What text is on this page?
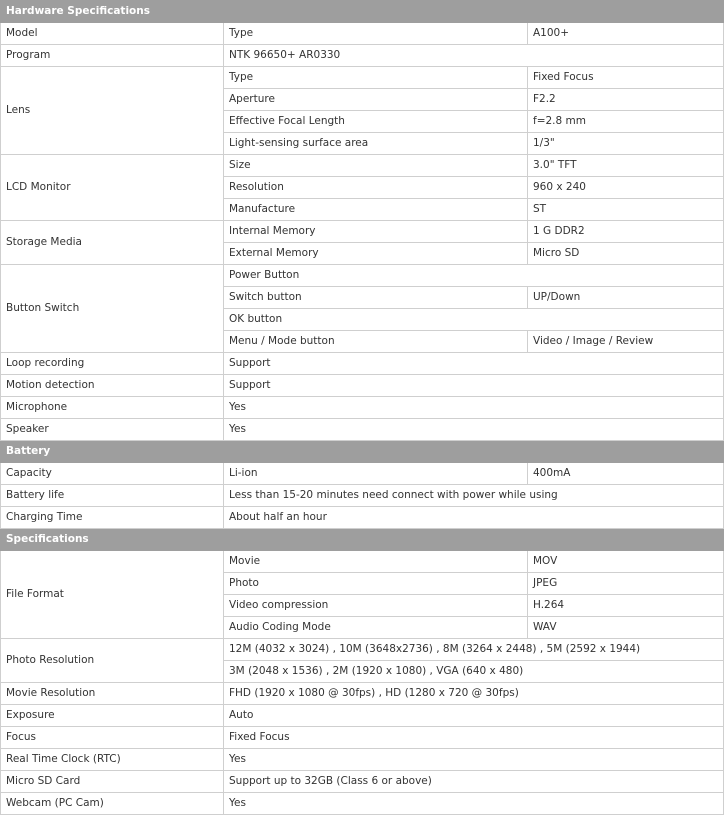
Hardware Specifications		
Model	Type	A100+
Program	NTK 96650+ AR0330	
Lens	Type	Fixed Focus
	Aperture	F2.2
	Effective Focal Length	f=2.8 mm
	Light-sensing surface area	1/3"
LCD Monitor	Size	3.0" TFT
	Resolution	960 x 240
	Manufacture	ST
Storage Media	Internal Memory	1 G DDR2
	External Memory	Micro SD
Button Switch	Power Button	
	Switch button	UP/Down
	OK button	
	Menu / Mode button	Video / Image / Review
Loop recording	Support	
Motion detection	Support	
Microphone	Yes	
Speaker	Yes	
Battery		
Capacity	Li-ion	400mA
Battery life	Less than 15-20 minutes need connect with power while using	
Charging Time	About half an hour	
Specifications		
File Format	Movie	MOV
	Photo	JPEG
	Video compression	H.264
	Audio Coding Mode	WAV
Photo Resolution	12M (4032 x 3024) , 10M (3648x2736) , 8M (3264 x 2448) , 5M (2592 x 1944)	
	3M (2048 x 1536) , 2M (1920 x 1080) , VGA (640 x 480)	
Movie Resolution	FHD (1920 x 1080 @ 30fps) , HD (1280 x 720 @ 30fps)	
Exposure	Auto	
Focus	Fixed Focus	
Real Time Clock (RTC)	Yes	
Micro SD Card	Support up to 32GB (Class 6 or above)	
Webcam (PC Cam)	Yes	
